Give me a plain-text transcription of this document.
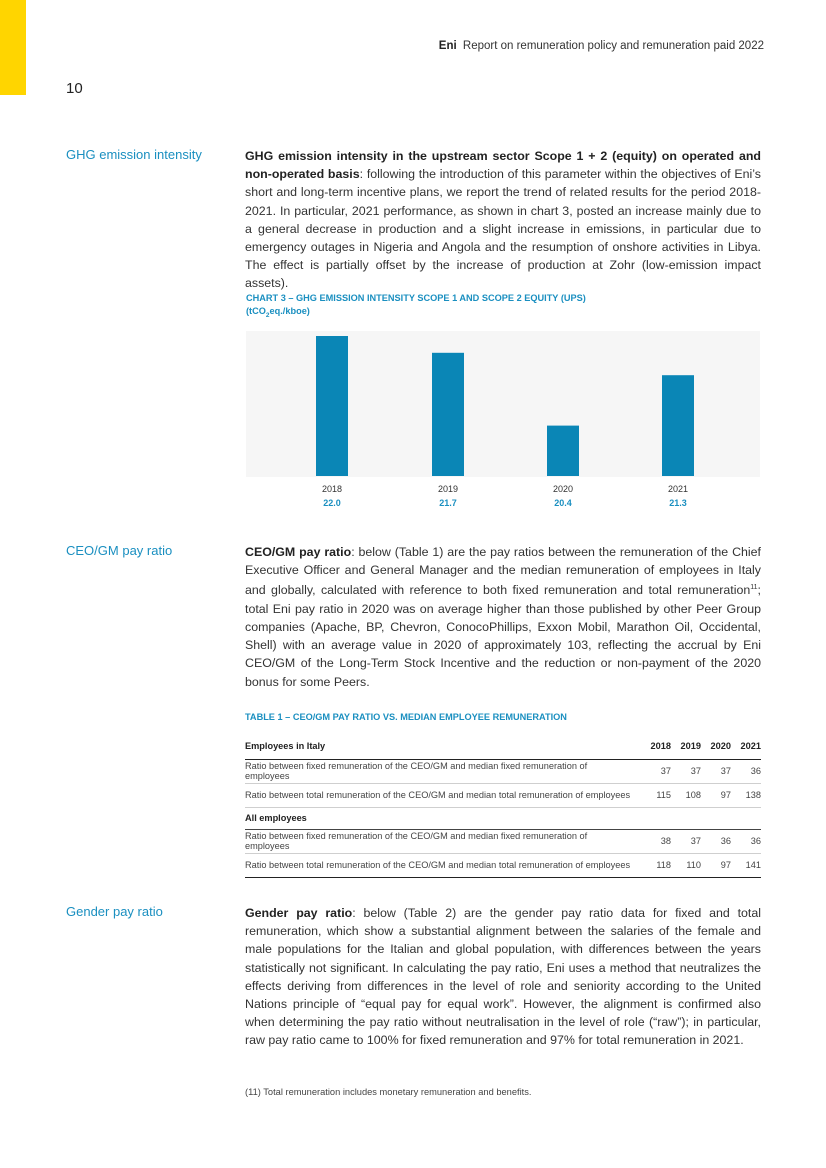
Eni Report on remuneration policy and remuneration paid 2022
10
GHG emission intensity	GHG emission intensity in the upstream sector Scope 1 + 2 (equity) on operated and non-operated basis: following the introduction of this parameter within the objectives of Eni’s short and long-term incentive plans, we report the trend of related results for the period 2018-2021. In particular, 2021 performance, as shown in chart 3, posted an increase mainly due to a general decrease in production and a slight increase in emissions, in particular due to emergency outages in Nigeria and Angola and the resumption of onshore activities in Libya. The effect is partially offset by the increase of production at Zohr (low-emission impact assets).
CHART 3 – GHG EMISSION INTENSITY SCOPE 1 AND SCOPE 2 EQUITY (UPS)
(tCO$_2$eq./kboe)
2018
22.0
2019
21.7
2020
20.4
2021
21.3
CEO/GM pay ratio	CEO/GM pay ratio: below (Table 1) are the pay ratios between the remuneration of the Chief Executive Officer and General Manager and the median remuneration of employees in Italy and globally, calculated with reference to both fixed remuneration and total remuneration$^{11}$; total Eni pay ratio in 2020 was on average higher than those published by other Peer Group companies (Apache, BP, Chevron, ConocoPhillips, Exxon Mobil, Marathon Oil, Occidental, Shell) with an average value in 2020 of approximately 103, reflecting the accrual by Eni CEO/GM of the Long-Term Stock Incentive and the reduction or non-payment of the 2020 bonus for some Peers.
TABLE 1 – CEO/GM PAY RATIO VS. MEDIAN EMPLOYEE REMUNERATION
Employees in Italy	2018	2019	2020	2021
Ratio between fixed remuneration of the CEO/GM and median fixed remuneration of employees	37	37	37	36
Ratio between total remuneration of the CEO/GM and median total remuneration of employees	115	108	97	138
All employees				
Ratio between fixed remuneration of the CEO/GM and median fixed remuneration of employees	38	37	36	36
Ratio between total remuneration of the CEO/GM and median total remuneration of employees	118	110	97	141
Gender pay ratio	Gender pay ratio: below (Table 2) are the gender pay ratio data for fixed and total remuneration, which show a substantial alignment between the salaries of the female and male populations for the Italian and global population, with differences between the years statistically not significant. In calculating the pay ratio, Eni uses a method that neutralizes the effects deriving from differences in the level of role and seniority according to the United Nations principle of “equal pay for equal work”. However, the alignment is confirmed also when determining the pay ratio without neutralisation in the level of role (“raw”); in particular, raw pay ratio came to 100% for fixed remuneration and 97% for total remuneration in 2021.
(11) Total remuneration includes monetary remuneration and benefits.
